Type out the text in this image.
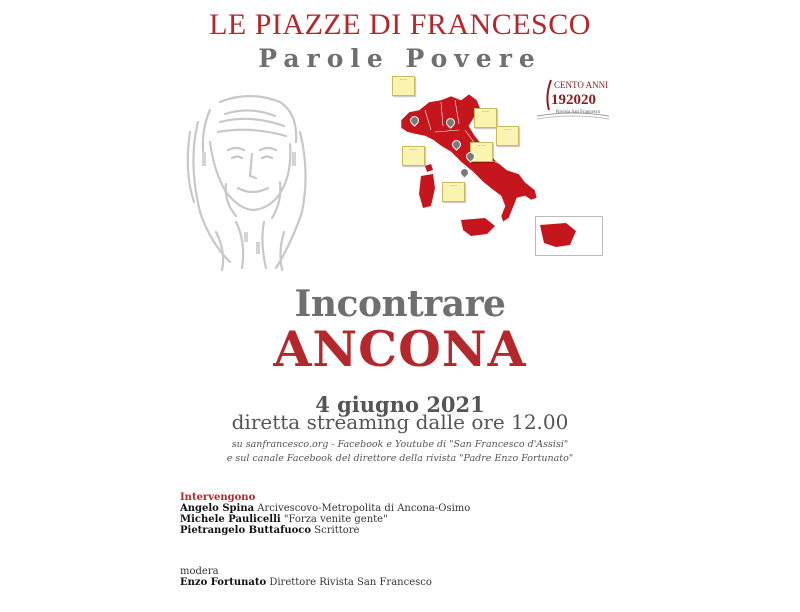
LE PIAZZE DI FRANCESCO
Parole Povere
~~~
~~~
~~~
~~~
~~~
~~~
CENTO ANNI
192020
Rivista San Francesco
Incontrare
ANCONA
4 giugno 2021
diretta streaming dalle ore 12.00
su sanfrancesco.org - Facebook e Youtube di "San Francesco d'Assisi"
e sul canale Facebook del direttore della rivista "Padre Enzo Fortunato"
Intervengono
Angelo Spina Arcivescovo-Metropolita di Ancona-Osimo
Michele Paulicelli "Forza venite gente"
Pietrangelo Buttafuoco Scrittore
modera
Enzo Fortunato Direttore Rivista San Francesco
